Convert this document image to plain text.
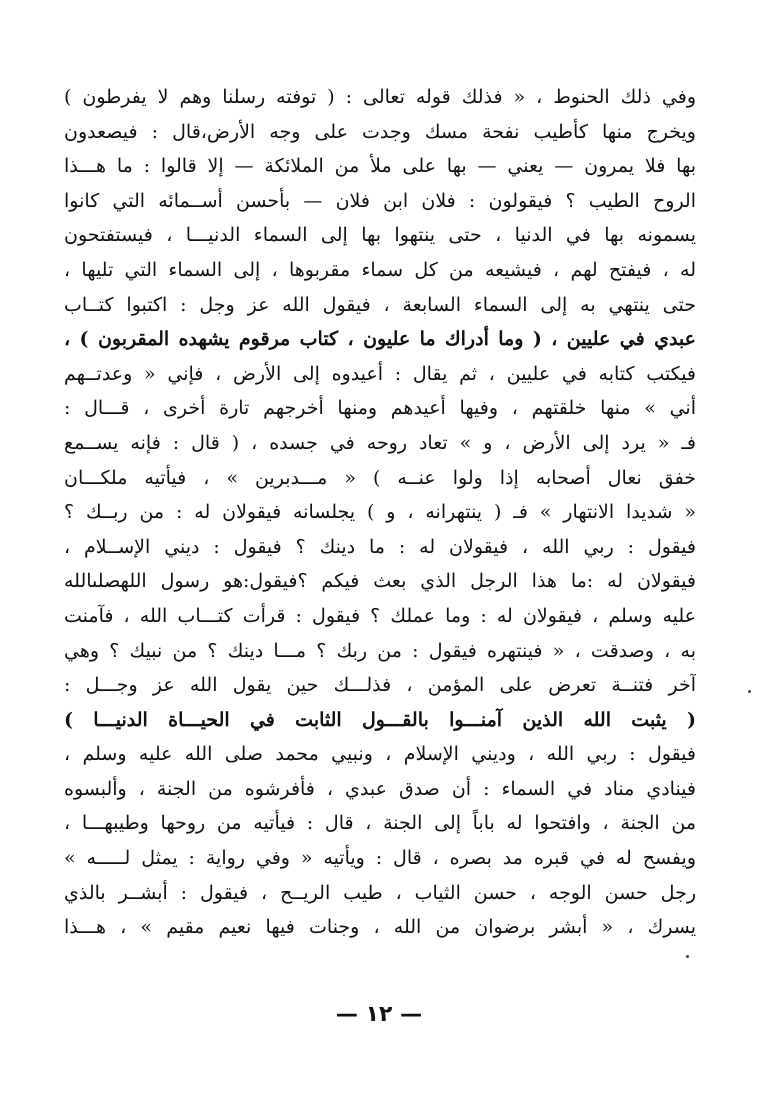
وفي ذلك الحنوط ، « فذلك قوله تعالى : ( توفته رسلنا وهم لا يفرطون )
ويخرج منها كأطيب نفحة مسك وجدت على وجه الأرض،قال : فيصعدون
بها فلا يمرون — يعني — بها على ملأ من الملائكة — إلا قالوا : ما هـــذا
الروح الطيب ؟ فيقولون : فلان ابن فلان — بأحسن أســمائه التي كانوا
يسمونه بها في الدنيا ، حتى ينتهوا بها إلى السماء الدنيـــا ، فيستفتحون
له ، فيفتح لهم ، فيشيعه من كل سماء مقربوها ، إلى السماء التي تليها ،
حتى ينتهي به إلى السماء السابعة ، فيقول الله عز وجل : اكتبوا كتــاب
عبدي في عليين ، ( وما أدراك ما عليون ، كتاب مرقوم يشهده المقربون ) ،
فيكتب كتابه في عليين ، ثم يقال : أعيدوه إلى الأرض ، فإني « وعدتــهم
أني » منها خلقتهم ، وفيها أعيدهم ومنها أخرجهم تارة أخرى ، قـــال :
فـ « يرد إلى الأرض ، و » تعاد روحه في جسده ، ( قال : فإنه يســمع
خفق نعال أصحابه إذا ولوا عنــه ) « مـــدبرين » ، فيأتيه ملكـــان
« شديدا الانتهار » فـ ( ينتهرانه ، و ) يجلسانه فيقولان له : من ربــك ؟
فيقول : ربي الله ، فيقولان له : ما دينك ؟ فيقول : ديني الإســلام ،
فيقولان له :ما هذا الرجل الذي بعث فيكم ؟فيقول:هو رسول اللهصلىالله
عليه وسلم ، فيقولان له : وما عملك ؟ فيقول : قرأت كتـــاب الله ، فآمنت
به ، وصدقت ، « فينتهره فيقول : من ربك ؟ مـــا دينك ؟ من نبيك ؟ وهي
آخر فتنــة تعرض على المؤمن ، فذلـــك حين يقول الله عز وجـــل :
( يثبت الله الذين آمنـــوا بالقـــول الثابت في الحيـــاة الدنيـــا )
فيقول : ربي الله ، وديني الإسلام ، ونبيي محمد صلى الله عليه وسلم ،
فينادي مناد في السماء : أن صدق عبدي ، فأفرشوه من الجنة ، وألبسوه
من الجنة ، وافتحوا له باباً إلى الجنة ، قال : فيأتيه من روحها وطيبهـــا ،
ويفسح له في قبره مد بصره ، قال : ويأتيه « وفي رواية : يمثل لـــــه »
رجل حسن الوجه ، حسن الثياب ، طيب الريــح ، فيقول : أبشــر بالذي
يسرك ، « أبشر برضوان من الله ، وجنات فيها نعيم مقيم » ، هـــذا
— ١٢ —
